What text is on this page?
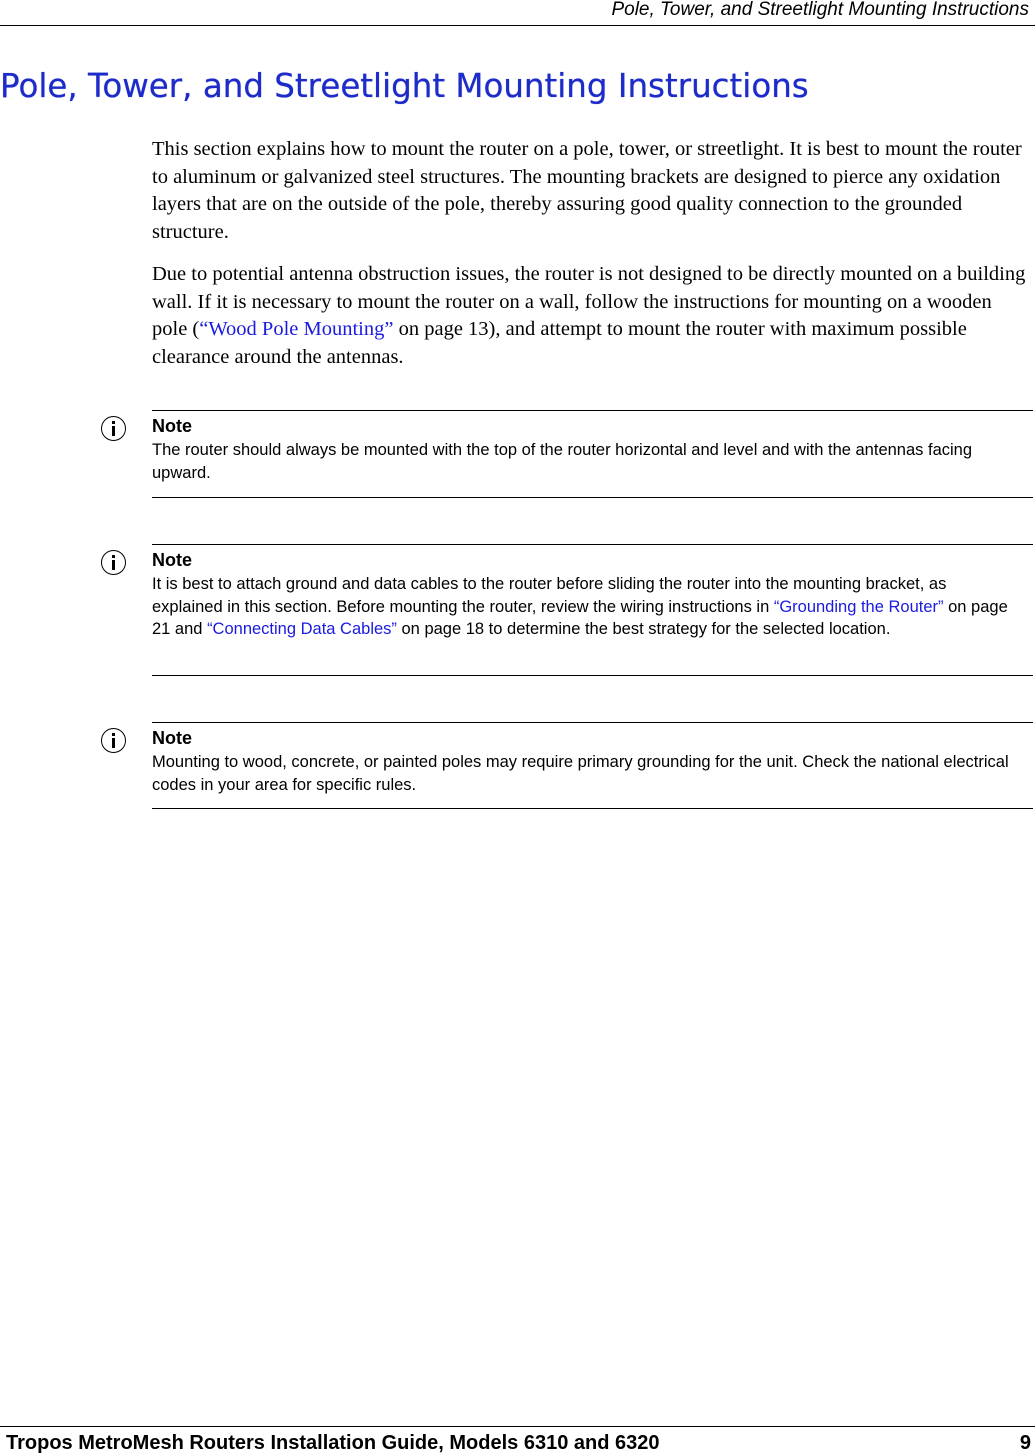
Pole, Tower, and Streetlight Mounting Instructions
Pole, Tower, and Streetlight Mounting Instructions

This section explains how to mount the router on a pole, tower, or streetlight. It is best to mount the router to aluminum or galvanized steel structures. The mounting brackets are designed to pierce any oxidation layers that are on the outside of the pole, thereby assuring good quality connection to the grounded structure.

Due to potential antenna obstruction issues, the router is not designed to be directly mounted on a building wall. If it is necessary to mount the router on a wall, follow the instructions for mounting on a wooden pole (“Wood Pole Mounting” on page 13), and attempt to mount the router with maximum possible clearance around the antennas.

Note

The router should always be mounted with the top of the router horizontal and level and with the antennas facing upward.

Note

It is best to attach ground and data cables to the router before sliding the router into the mounting bracket, as explained in this section. Before mounting the router, review the wiring instructions in “Grounding the Router” on page 21 and “Connecting Data Cables” on page 18 to determine the best strategy for the selected location.

Note

Mounting to wood, concrete, or painted poles may require primary grounding for the unit. Check the national electrical codes in your area for specific rules.

Tropos MetroMesh Routers Installation Guide, Models 6310 and 6320	9
